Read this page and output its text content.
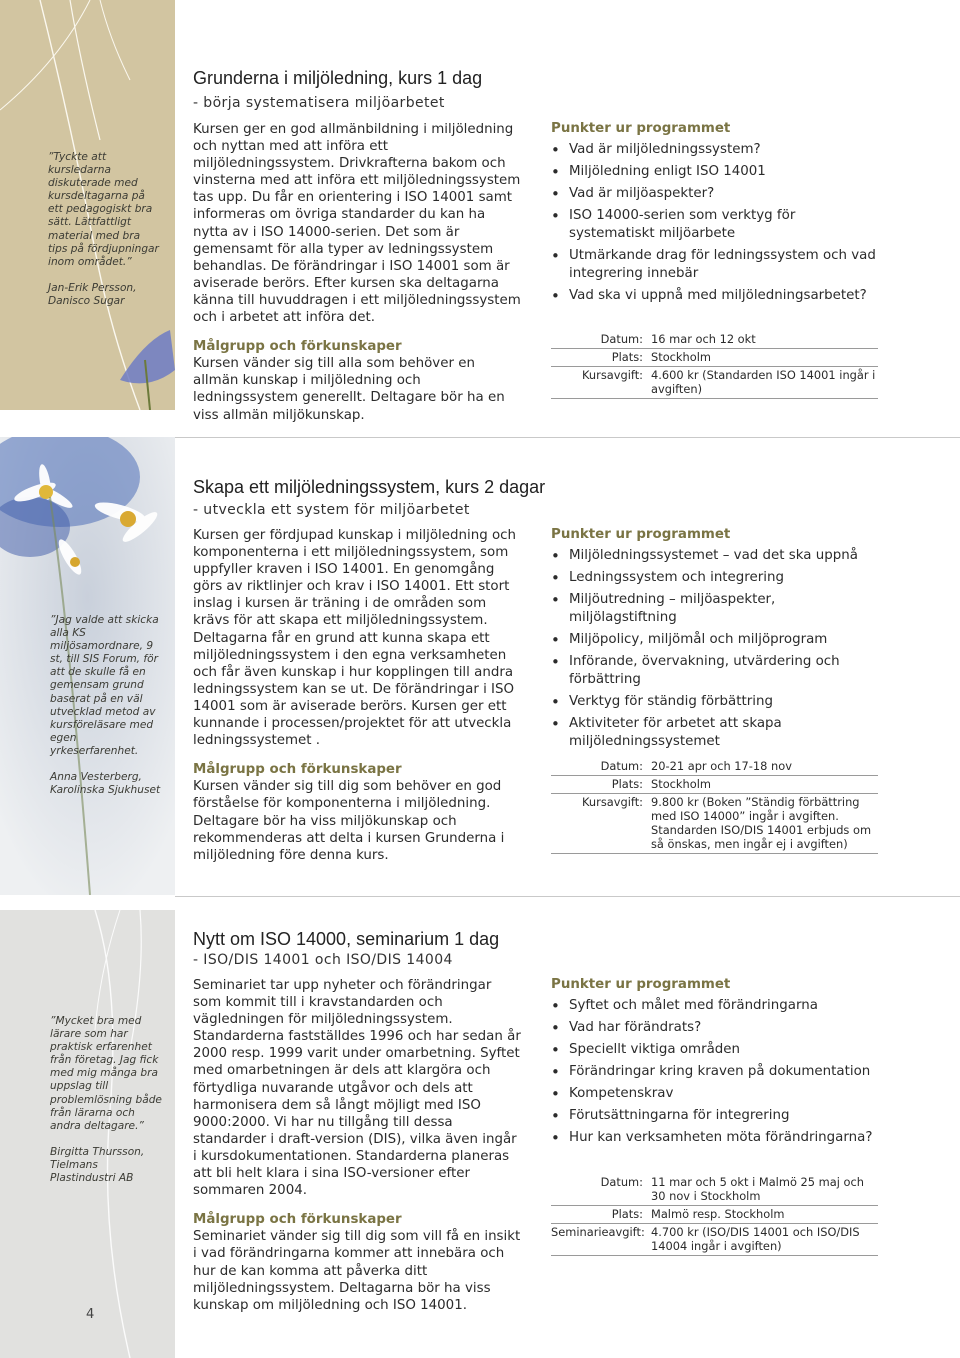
”Tyckte att kursledarna diskuterade med kursdeltagarna på ett pedagogiskt bra sätt. Lättfattligt material med bra tips på fördjupningar inom området.”
Jan-Erik Persson, Danisco Sugar
”Jag valde att skicka alla KS miljösamordnare, 9 st, till SIS Forum, för att de skulle få en gemensam grund baserat på en väl utvecklad metod av kursföreläsare med egen yrkeserfarenhet.
Anna Vesterberg, Karolinska Sjukhuset
”Mycket bra med lärare som har praktisk erfarenhet från företag. Jag fick med mig många bra uppslag till problemlösning både från lärarna och andra deltagare.”
Birgitta Thursson, Tielmans Plastindustri AB
Grunderna i miljöledning, kurs 1 dag
- börja systematisera miljöarbetet
Kursen ger en god allmänbildning i miljöledning och nyttan med att införa ett miljöledningssystem. Drivkrafterna bakom och vinsterna med att införa ett miljöledningssystem tas upp. Du får en orientering i ISO 14001 samt informeras om övriga standarder du kan ha nytta av i ISO 14000-serien. Det som är gemensamt för alla typer av ledningssystem behandlas. De förändringar i ISO 14001 som är aviserade berörs. Efter kursen ska deltagarna känna till huvuddragen i ett miljöledningssystem och i arbetet att införa det.
Målgrupp och förkunskaper
Kursen vänder sig till alla som behöver en allmän kunskap i miljöledning och ledningssystem generellt. Deltagare bör ha en viss allmän miljökunskap.
Punkter ur programmet
• Vad är miljöledningssystem?
• Miljöledning enligt ISO 14001
• Vad är miljöaspekter?
• ISO 14000-serien som verktyg för systematiskt miljöarbete
• Utmärkande drag för ledningssystem och vad integrering innebär
• Vad ska vi uppnå med miljöledningsarbetet?
Datum: 16 mar och 12 okt
Plats: Stockholm
Kursavgift: 4.600 kr (Standarden ISO 14001 ingår i avgiften)
Skapa ett miljöledningssystem, kurs 2 dagar
- utveckla ett system för miljöarbetet
Kursen ger fördjupad kunskap i miljöledning och komponenterna i ett miljöledningssystem, som uppfyller kraven i ISO 14001. En genomgång görs av riktlinjer och krav i ISO 14001. Ett stort inslag i kursen är träning i de områden som krävs för att skapa ett miljöledningssystem. Deltagarna får en grund att kunna skapa ett miljöledningssystem i den egna verksamheten och får även kunskap i hur kopplingen till andra ledningssystem kan se ut. De förändringar i ISO 14001 som är aviserade berörs. Kursen ger ett kunnande i processen/projektet för att utveckla ledningssystemet .
Målgrupp och förkunskaper
Kursen vänder sig till dig som behöver en god förståelse för komponenterna i miljöledning. Deltagare bör ha viss miljökunskap och rekommenderas att delta i kursen Grunderna i miljöledning före denna kurs.
Punkter ur programmet
• Miljöledningssystemet – vad det ska uppnå
• Ledningssystem och integrering
• Miljöutredning – miljöaspekter, miljölagstiftning
• Miljöpolicy, miljömål och miljöprogram
• Införande, övervakning, utvärdering och förbättring
• Verktyg för ständig förbättring
• Aktiviteter för arbetet att skapa miljöledningssystemet
Datum: 20-21 apr och 17-18 nov
Plats: Stockholm
Kursavgift: 9.800 kr (Boken ”Ständig förbättring med ISO 14000” ingår i avgiften. Standarden ISO/DIS 14001 erbjuds om så önskas, men ingår ej i avgiften)
Nytt om ISO 14000, seminarium 1 dag
- ISO/DIS 14001 och ISO/DIS 14004
Seminariet tar upp nyheter och förändringar som kommit till i kravstandarden och vägledningen för miljöledningssystem. Standarderna fastställdes 1996 och har sedan år 2000 resp. 1999 varit under omarbetning. Syftet med omarbetningen är dels att klargöra och förtydliga nuvarande utgåvor och dels att harmonisera dem så långt möjligt med ISO 9000:2000. Vi har nu tillgång till dessa standarder i draft-version (DIS), vilka även ingår i kursdokumentationen. Standarderna planeras att bli helt klara i sina ISO-versioner efter sommaren 2004.
Målgrupp och förkunskaper
Seminariet vänder sig till dig som vill få en insikt i vad förändringarna kommer att innebära och hur de kan komma att påverka ditt miljöledningssystem. Deltagarna bör ha viss kunskap om miljöledning och ISO 14001.
Punkter ur programmet
• Syftet och målet med förändringarna
• Vad har förändrats?
• Speciellt viktiga områden
• Förändringar kring kraven på dokumentation
• Kompetenskrav
• Förutsättningarna för integrering
• Hur kan verksamheten möta förändringarna?
Datum: 11 mar och 5 okt i Malmö 25 maj och 30 nov i Stockholm
Plats: Malmö resp. Stockholm
Seminarieavgift: 4.700 kr (ISO/DIS 14001 och ISO/DIS 14004 ingår i avgiften)
4
